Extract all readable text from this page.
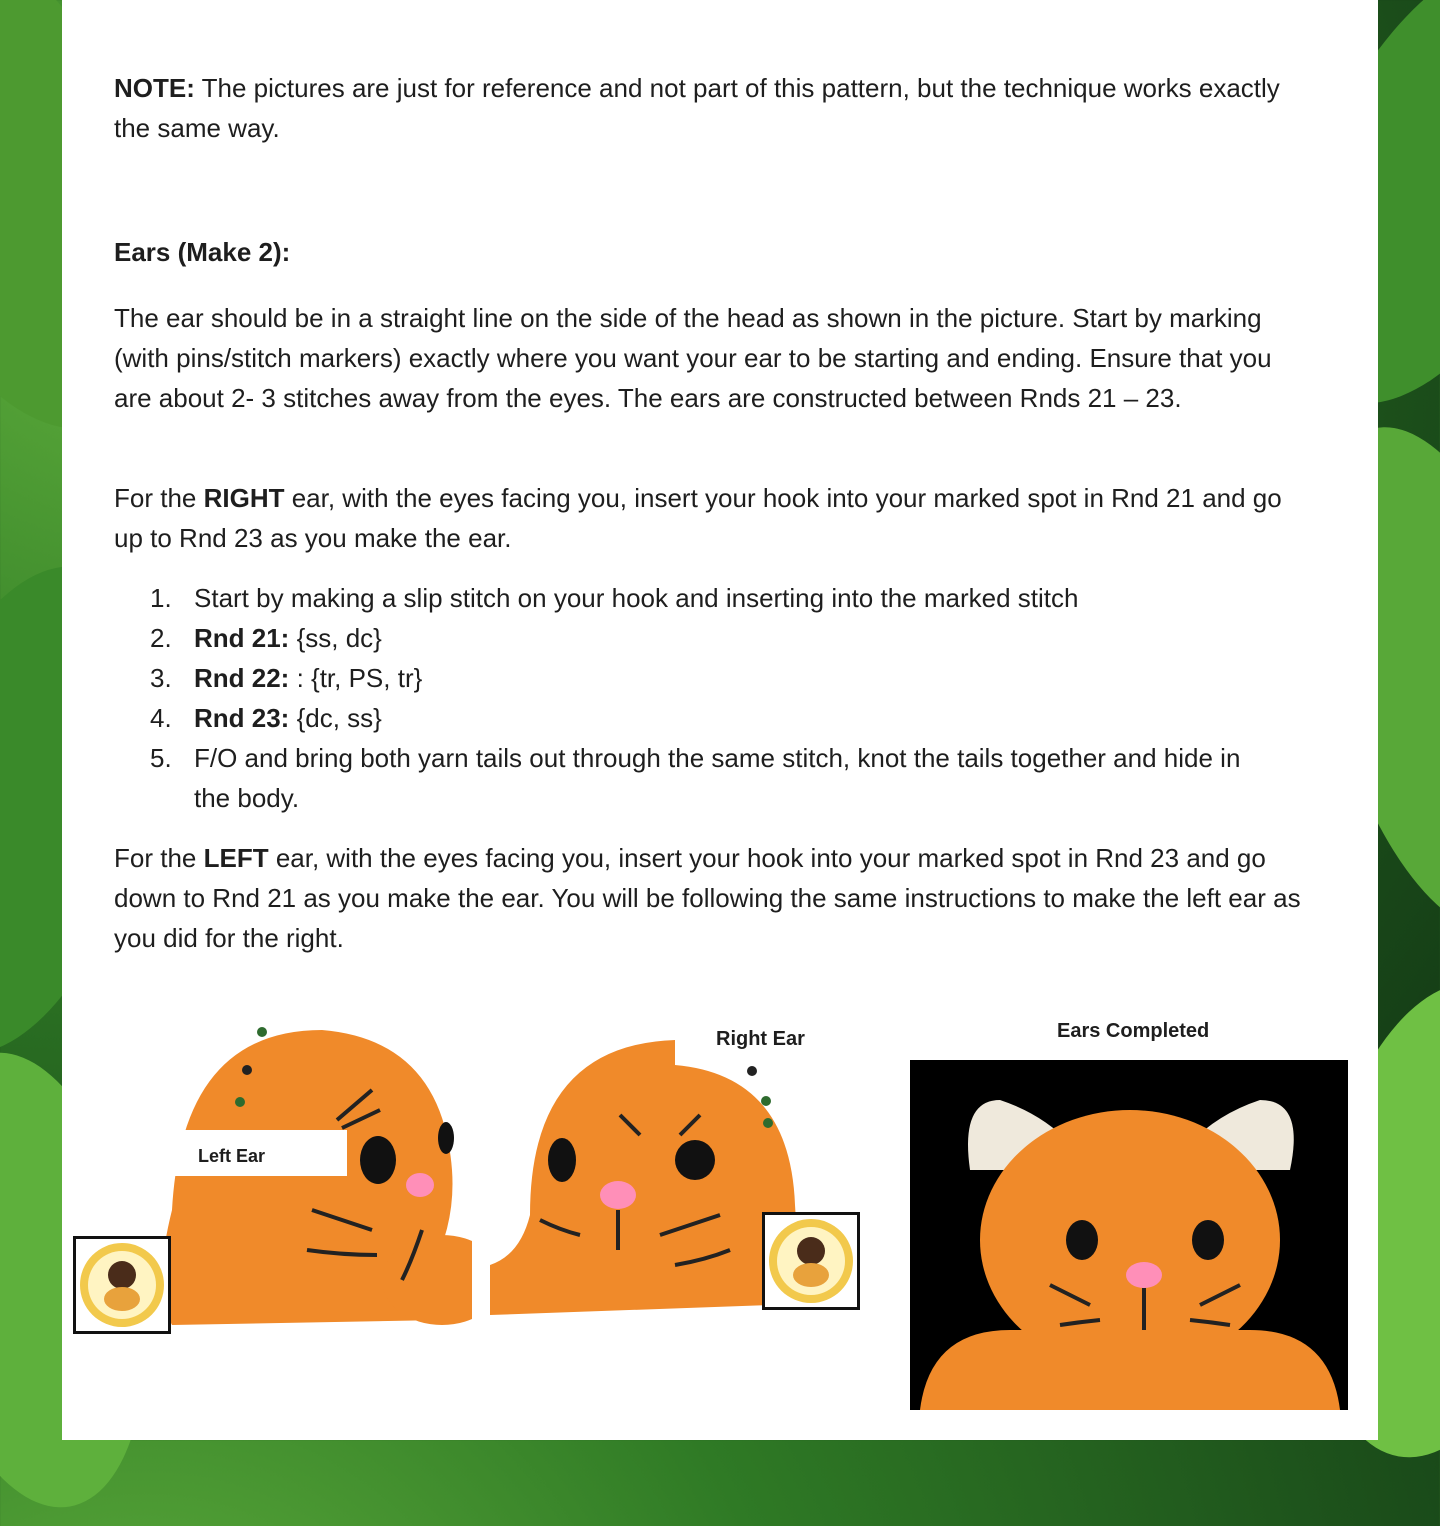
NOTE: The pictures are just for reference and not part of this pattern, but the technique works exactly the same way.
Ears (Make 2):
The ear should be in a straight line on the side of the head as shown in the picture. Start by marking (with pins/stitch markers) exactly where you want your ear to be starting and ending. Ensure that you are about 2- 3 stitches away from the eyes. The ears are constructed between Rnds 21 – 23.
For the RIGHT ear, with the eyes facing you, insert your hook into your marked spot in Rnd 21 and go up to Rnd 23 as you make the ear.
1. Start by making a slip stitch on your hook and inserting into the marked stitch
2. Rnd 21: {ss, dc}
3. Rnd 22: : {tr, PS, tr}
4. Rnd 23: {dc, ss}
5. F/O and bring both yarn tails out through the same stitch, knot the tails together and hide in the body.
For the LEFT ear, with the eyes facing you, insert your hook into your marked spot in Rnd 23 and go down to Rnd 21 as you make the ear. You will be following the same instructions to make the left ear as you did for the right.
Left Ear
Right Ear	Ears Completed
